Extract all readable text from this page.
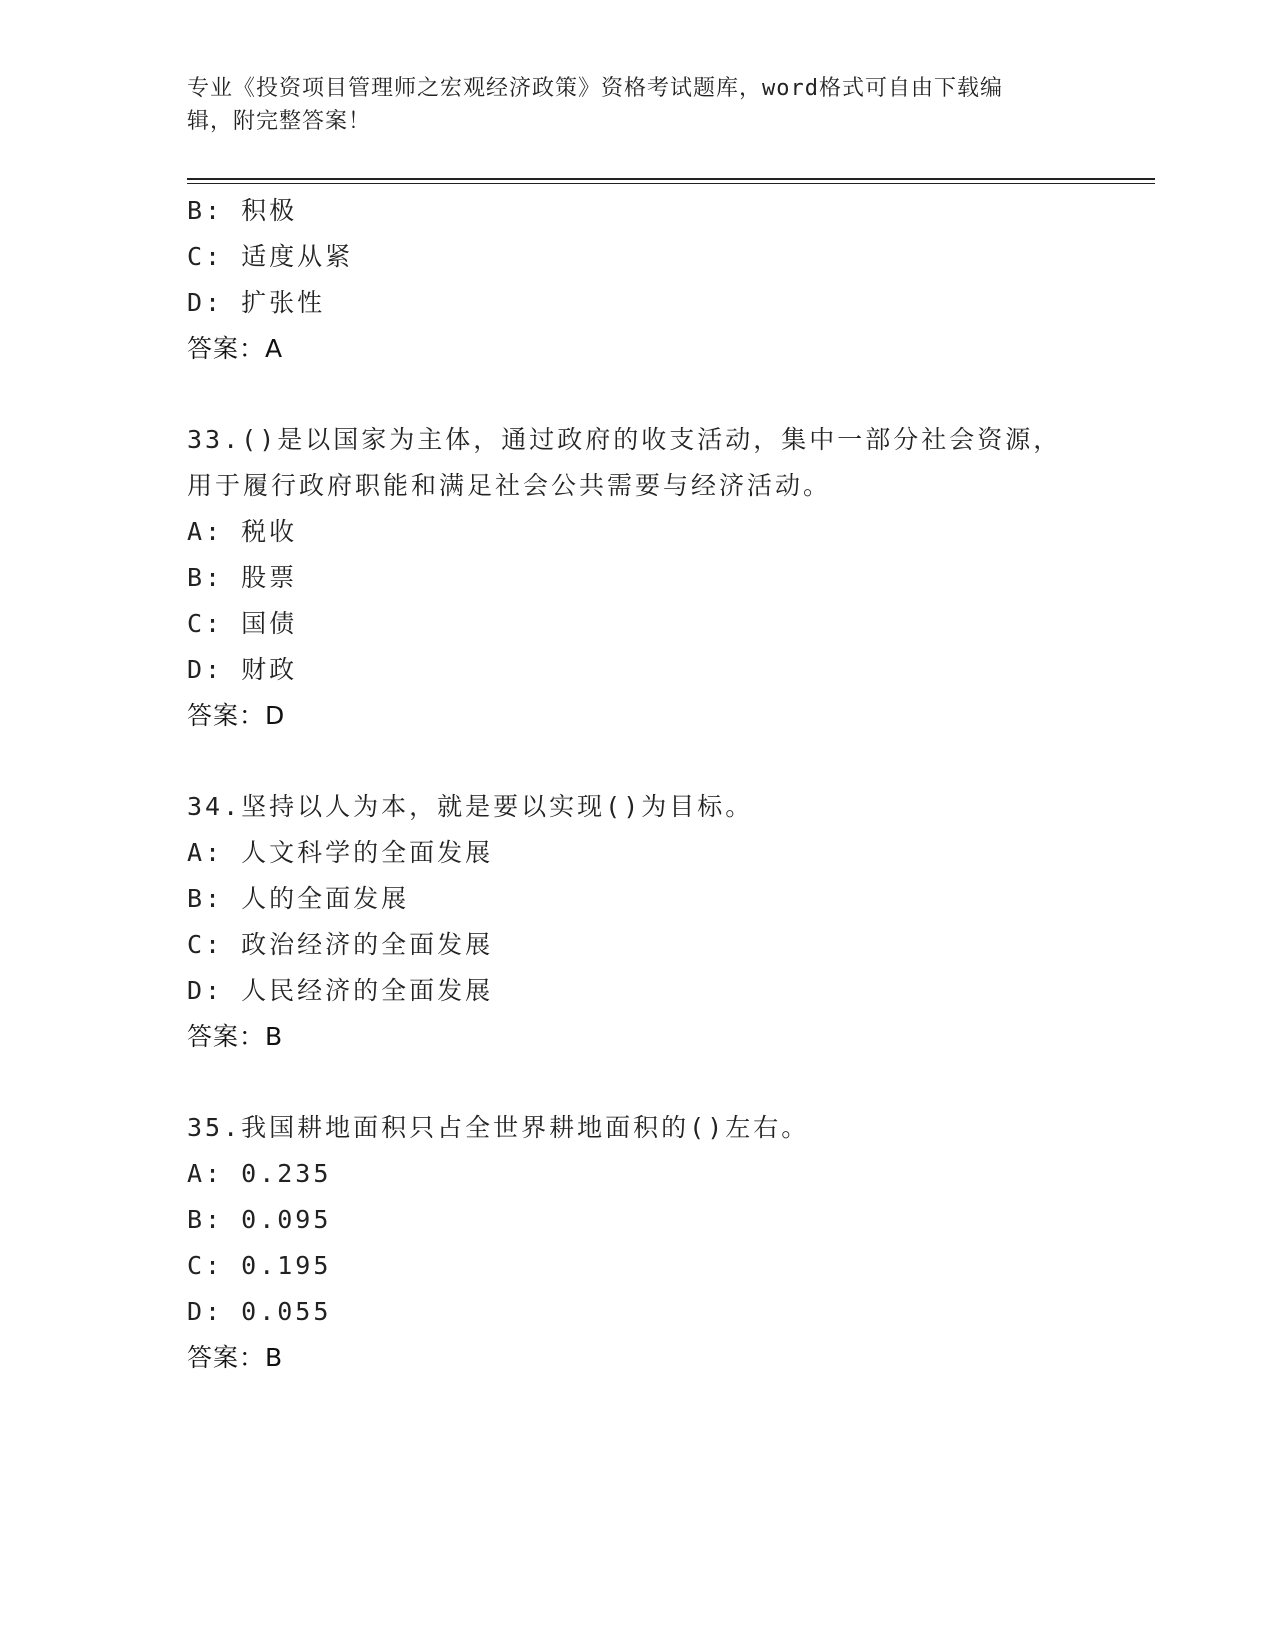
专业《投资项目管理师之宏观经济政策》资格考试题库，word格式可自由下载编
辑，附完整答案！
B: 积极
C: 适度从紧
D: 扩张性
答案：A
33.()是以国家为主体，通过政府的收支活动，集中一部分社会资源，
用于履行政府职能和满足社会公共需要与经济活动。
A: 税收
B: 股票
C: 国债
D: 财政
答案：D
34.坚持以人为本，就是要以实现()为目标。
A: 人文科学的全面发展
B: 人的全面发展
C: 政治经济的全面发展
D: 人民经济的全面发展
答案：B
35.我国耕地面积只占全世界耕地面积的()左右。
A: 0.235
B: 0.095
C: 0.195
D: 0.055
答案：B
